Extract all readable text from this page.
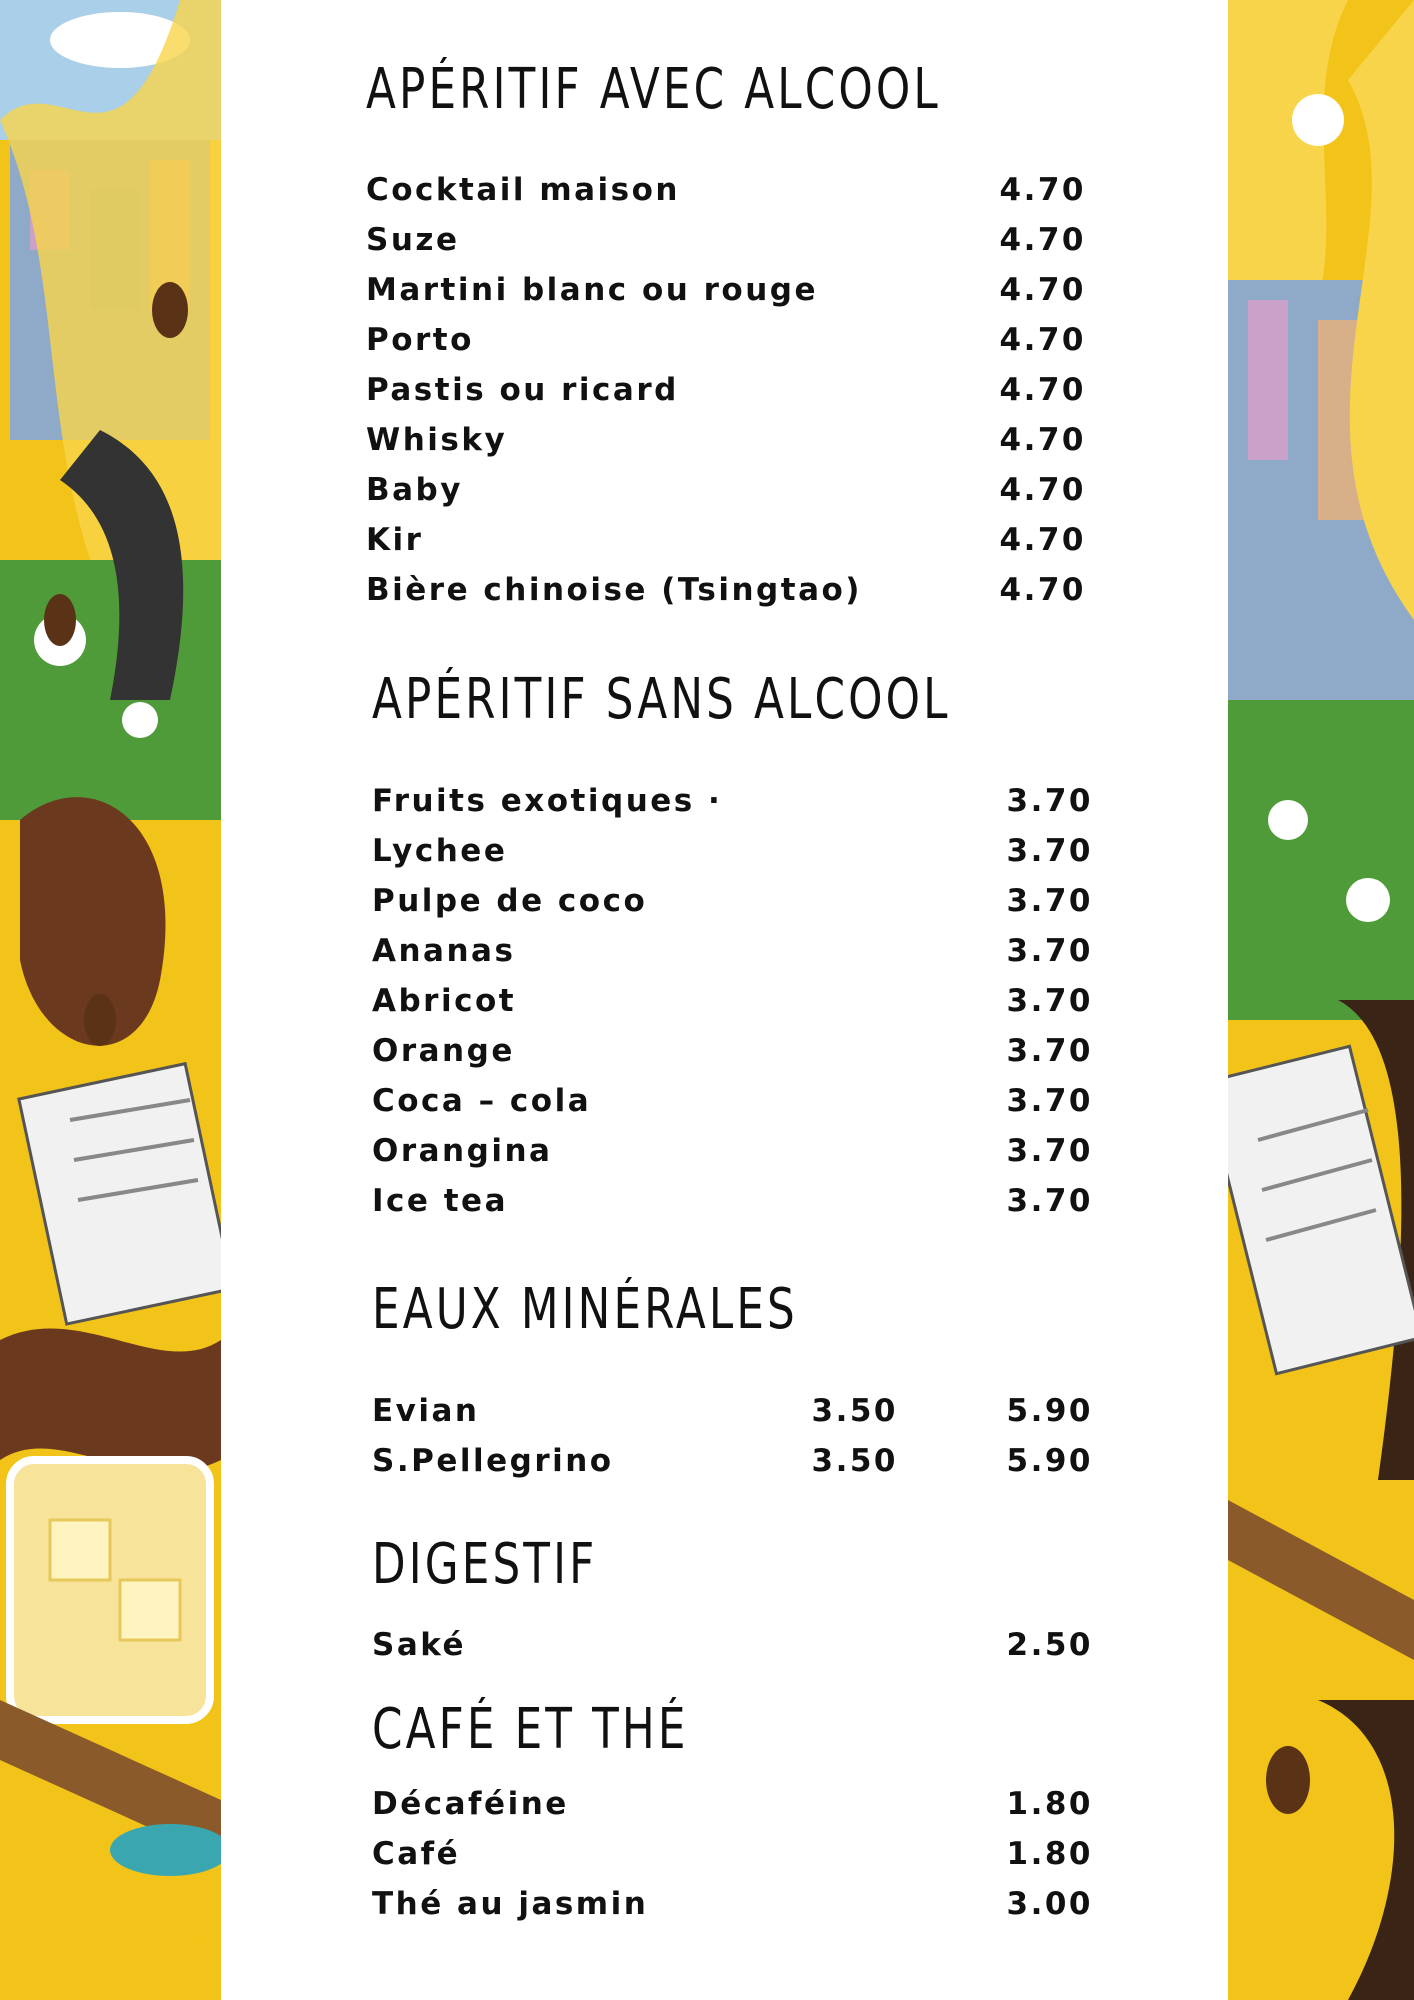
APÉRITIF AVEC ALCOOL
Cocktail maison	4.70
Suze	4.70
Martini blanc ou rouge	4.70
Porto	4.70
Pastis ou ricard	4.70
Whisky	4.70
Baby	4.70
Kir	4.70
Bière chinoise (Tsingtao)	4.70
APÉRITIF SANS ALCOOL
Fruits exotiques ·	3.70
Lychee	3.70
Pulpe de coco	3.70
Ananas	3.70
Abricot	3.70
Orange	3.70
Coca – cola	3.70
Orangina	3.70
Ice tea	3.70
EAUX MINÉRALES
Evian	3.50	5.90
S.Pellegrino	3.50	5.90
DIGESTIF
Saké	2.50
CAFÉ ET THÉ
Décaféine	1.80
Café	1.80
Thé au jasmin	3.00
